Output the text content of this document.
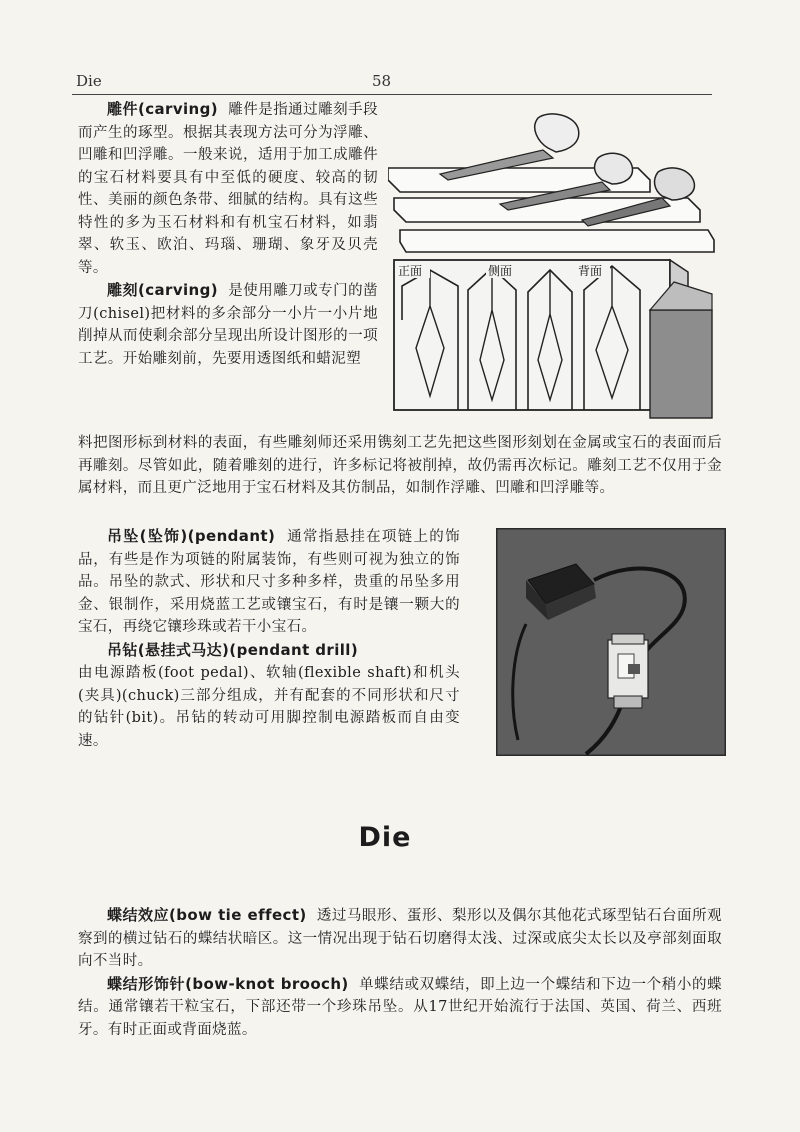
Die	58

雕件(carving) 雕件是指通过雕刻手段而产生的琢型。根据其表现方法可分为浮雕、凹雕和凹浮雕。一般来说，适用于加工成雕件的宝石材料要具有中至低的硬度、较高的韧性、美丽的颜色条带、细腻的结构。具有这些特性的多为玉石材料和有机宝石材料，如翡翠、软玉、欧泊、玛瑙、珊瑚、象牙及贝壳等。

雕刻(carving) 是使用雕刀或专门的凿刀(chisel)把材料的多余部分一小片一小片地削掉从而使剩余部分呈现出所设计图形的一项工艺。开始雕刻前，先要用透图纸和蜡泥塑

正面	侧面	背面

料把图形标到材料的表面，有些雕刻师还采用镌刻工艺先把这些图形刻划在金属或宝石的表面而后再雕刻。尽管如此，随着雕刻的进行，许多标记将被削掉，故仍需再次标记。雕刻工艺不仅用于金属材料，而且更广泛地用于宝石材料及其仿制品，如制作浮雕、凹雕和凹浮雕等。

吊坠(坠饰)(pendant) 通常指悬挂在项链上的饰品，有些是作为项链的附属装饰，有些则可视为独立的饰品。吊坠的款式、形状和尺寸多种多样，贵重的吊坠多用金、银制作，采用烧蓝工艺或镶宝石，有时是镶一颗大的宝石，再绕它镶珍珠或若干小宝石。

吊钻(悬挂式马达)(pendant drill)

由电源踏板(foot pedal)、软轴(flexible shaft)和机头(夹具)(chuck)三部分组成，并有配套的不同形状和尺寸的钻针(bit)。吊钻的转动可用脚控制电源踏板而自由变速。

Die

蝶结效应(bow tie effect) 透过马眼形、蛋形、梨形以及偶尔其他花式琢型钻石台面所观察到的横过钻石的蝶结状暗区。这一情况出现于钻石切磨得太浅、过深或底尖太长以及亭部刻面取向不当时。

蝶结形饰针(bow-knot brooch) 单蝶结或双蝶结，即上边一个蝶结和下边一个稍小的蝶结。通常镶若干粒宝石，下部还带一个珍珠吊坠。从17世纪开始流行于法国、英国、荷兰、西班牙。有时正面或背面烧蓝。
